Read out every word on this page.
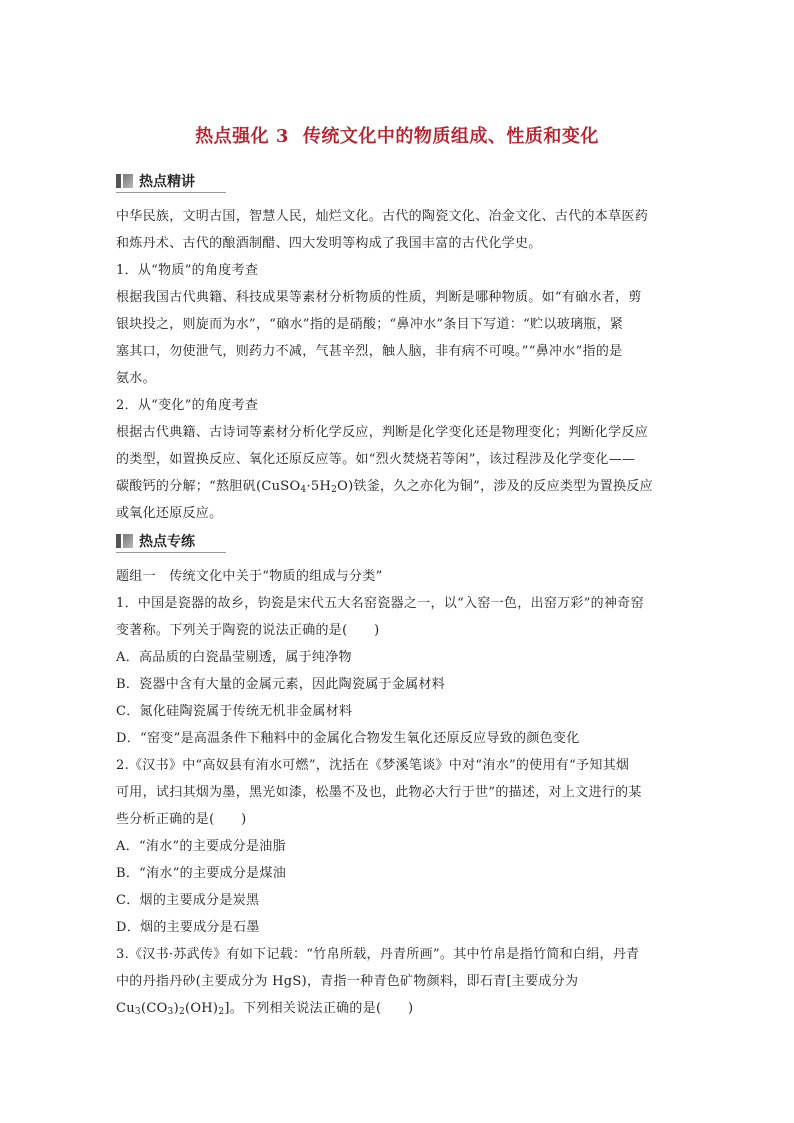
热点强化 3 传统文化中的物质组成、性质和变化
热点精讲
中华民族，文明古国，智慧人民，灿烂文化。古代的陶瓷文化、冶金文化、古代的本草医药
和炼丹术、古代的酿酒制醋、四大发明等构成了我国丰富的古代化学史。
1．从“物质”的角度考查
根据我国古代典籍、科技成果等素材分析物质的性质，判断是哪种物质。如“有硇水者，剪
银块投之，则旋而为水”，“硇水”指的是硝酸；“鼻冲水”条目下写道：“贮以玻璃瓶，紧
塞其口，勿使泄气，则药力不减，气甚辛烈，触人脑，非有病不可嗅。”“鼻冲水”指的是
氨水。
2．从“变化”的角度考查
根据古代典籍、古诗词等素材分析化学反应，判断是化学变化还是物理变化；判断化学反应
的类型，如置换反应、氧化还原反应等。如“烈火焚烧若等闲”，该过程涉及化学变化——
碳酸钙的分解；“熬胆矾$(CuSO_4\cdot 5H_2O)$铁釜，久之亦化为铜”，涉及的反应类型为置换反应
或氧化还原反应。
热点专练
题组一　传统文化中关于“物质的组成与分类”
1．中国是瓷器的故乡，钧瓷是宋代五大名窑瓷器之一，以“入窑一色，出窑万彩”的神奇窑
变著称。下列关于陶瓷的说法正确的是(　　)
A．高品质的白瓷晶莹剔透，属于纯净物
B．瓷器中含有大量的金属元素，因此陶瓷属于金属材料
C．氮化硅陶瓷属于传统无机非金属材料
D．“窑变”是高温条件下釉料中的金属化合物发生氧化还原反应导致的颜色变化
2.《汉书》中“高奴县有洧水可燃”，沈括在《梦溪笔谈》中对“洧水”的使用有“予知其烟
可用，试扫其烟为墨，黑光如漆，松墨不及也，此物必大行于世”的描述，对上文进行的某
些分析正确的是(　　)
A．“洧水”的主要成分是油脂
B．“洧水”的主要成分是煤油
C．烟的主要成分是炭黑
D．烟的主要成分是石墨
3.《汉书·苏武传》有如下记载：“竹帛所载，丹青所画”。其中竹帛是指竹简和白绢，丹青
中的丹指丹砂(主要成分为 HgS)，青指一种青色矿物颜料，即石青[主要成分为
$Cu_3(CO_3)_2(OH)_2$]。下列相关说法正确的是(　　)
